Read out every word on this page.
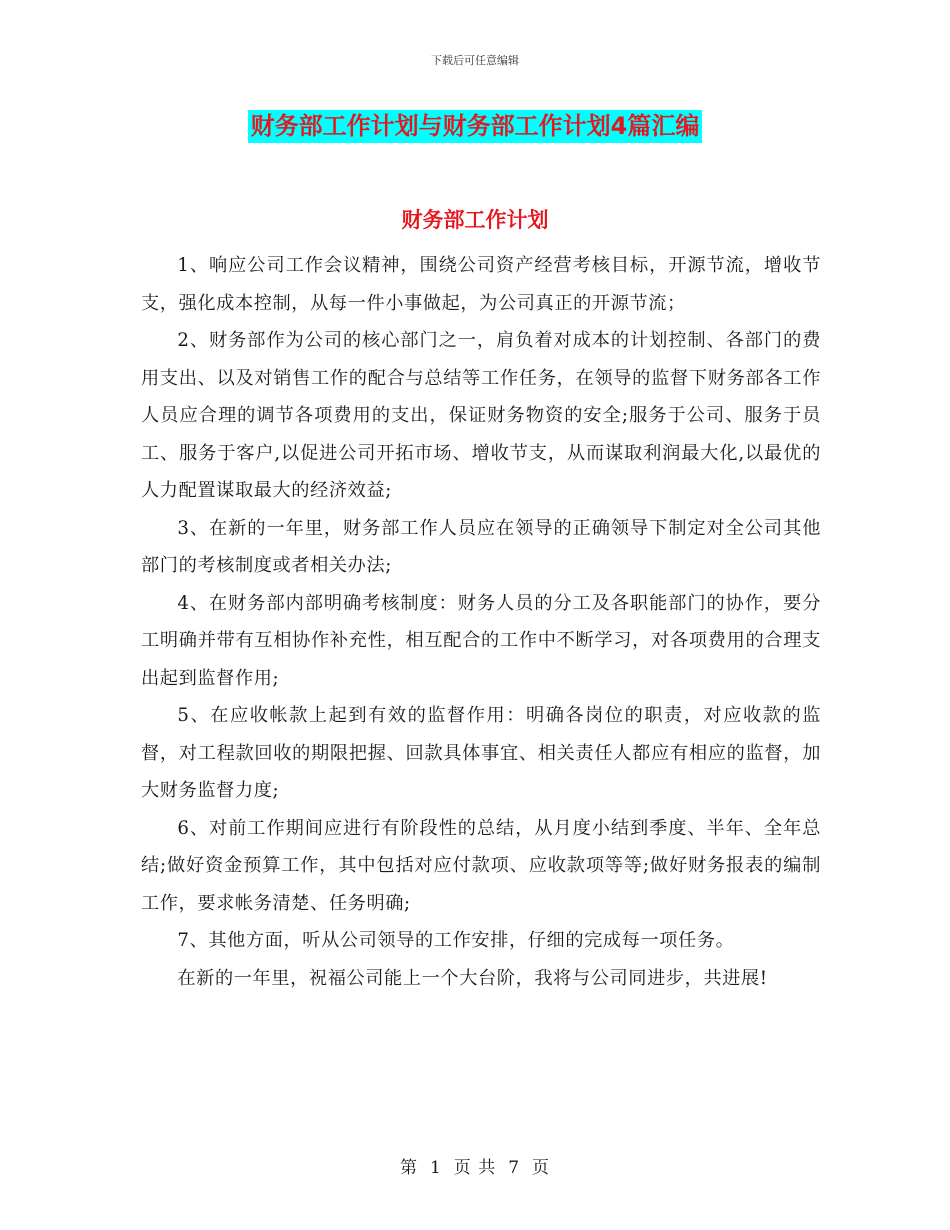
下载后可任意编辑
财务部工作计划与财务部工作计划4篇汇编
财务部工作计划

1、响应公司工作会议精神，围绕公司资产经营考核目标，开源节流，增收节支，强化成本控制，从每一件小事做起，为公司真正的开源节流；

2、财务部作为公司的核心部门之一，肩负着对成本的计划控制、各部门的费用支出、以及对销售工作的配合与总结等工作任务，在领导的监督下财务部各工作人员应合理的调节各项费用的支出，保证财务物资的安全;服务于公司、服务于员工、服务于客户,以促进公司开拓市场、增收节支，从而谋取利润最大化,以最优的人力配置谋取最大的经济效益;

3、在新的一年里，财务部工作人员应在领导的正确领导下制定对全公司其他部门的考核制度或者相关办法;

4、在财务部内部明确考核制度：财务人员的分工及各职能部门的协作，要分工明确并带有互相协作补充性，相互配合的工作中不断学习，对各项费用的合理支出起到监督作用;

5、在应收帐款上起到有效的监督作用：明确各岗位的职责，对应收款的监督，对工程款回收的期限把握、回款具体事宜、相关责任人都应有相应的监督，加大财务监督力度;

6、对前工作期间应进行有阶段性的总结，从月度小结到季度、半年、全年总结;做好资金预算工作，其中包括对应付款项、应收款项等等;做好财务报表的编制工作，要求帐务清楚、任务明确;

7、其他方面，听从公司领导的工作安排，仔细的完成每一项任务。

在新的一年里，祝福公司能上一个大台阶，我将与公司同进步，共进展!

第 1 页 共 7 页
